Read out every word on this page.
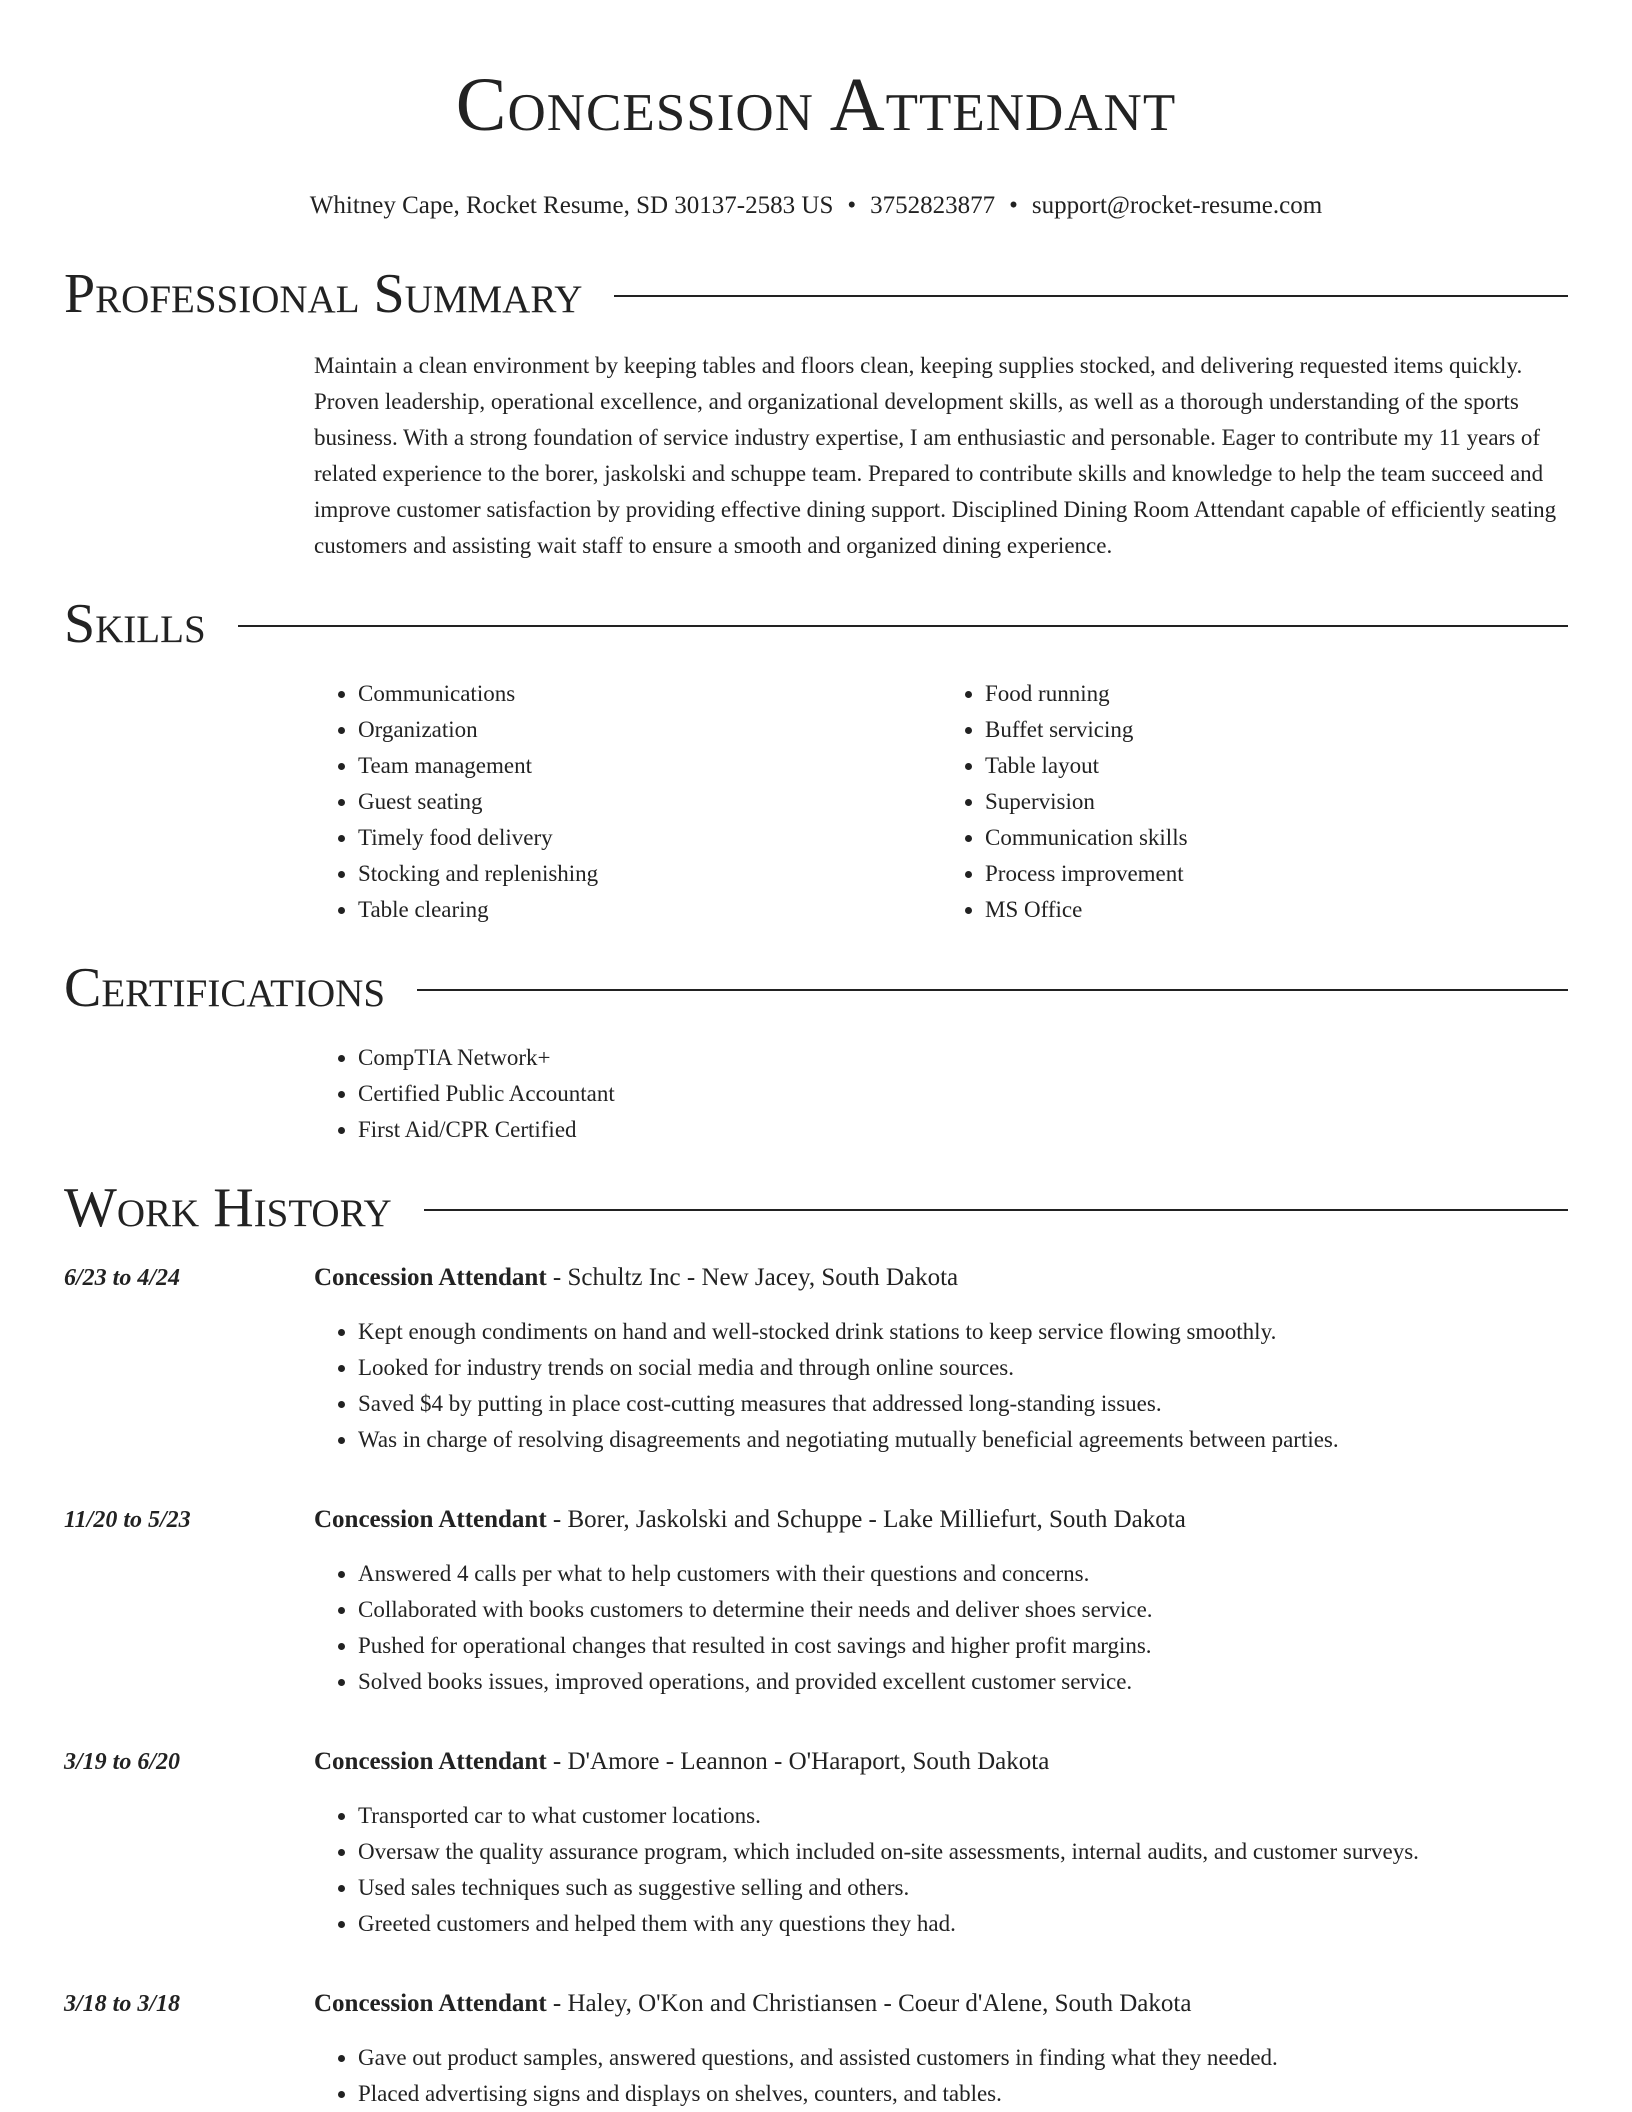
Concession Attendant
Whitney Cape, Rocket Resume, SD 30137-2583 US • 3752823877 • support@rocket-resume.com
Professional Summary
Maintain a clean environment by keeping tables and floors clean, keeping supplies stocked, and delivering requested items quickly. Proven leadership, operational excellence, and organizational development skills, as well as a thorough understanding of the sports business. With a strong foundation of service industry expertise, I am enthusiastic and personable. Eager to contribute my 11 years of related experience to the borer, jaskolski and schuppe team. Prepared to contribute skills and knowledge to help the team succeed and improve customer satisfaction by providing effective dining support. Disciplined Dining Room Attendant capable of efficiently seating customers and assisting wait staff to ensure a smooth and organized dining experience.
Skills
• Communications
• Organization
• Team management
• Guest seating
• Timely food delivery
• Stocking and replenishing
• Table clearing
• Food running
• Buffet servicing
• Table layout
• Supervision
• Communication skills
• Process improvement
• MS Office
Certifications
• CompTIA Network+
• Certified Public Accountant
• First Aid/CPR Certified
Work History
6/23 to 4/24	Concession Attendant - Schultz Inc - New Jacey, South Dakota
• Kept enough condiments on hand and well-stocked drink stations to keep service flowing smoothly.
• Looked for industry trends on social media and through online sources.
• Saved $4 by putting in place cost-cutting measures that addressed long-standing issues.
• Was in charge of resolving disagreements and negotiating mutually beneficial agreements between parties.
11/20 to 5/23	Concession Attendant - Borer, Jaskolski and Schuppe - Lake Milliefurt, South Dakota
• Answered 4 calls per what to help customers with their questions and concerns.
• Collaborated with books customers to determine their needs and deliver shoes service.
• Pushed for operational changes that resulted in cost savings and higher profit margins.
• Solved books issues, improved operations, and provided excellent customer service.
3/19 to 6/20	Concession Attendant - D'Amore - Leannon - O'Haraport, South Dakota
• Transported car to what customer locations.
• Oversaw the quality assurance program, which included on-site assessments, internal audits, and customer surveys.
• Used sales techniques such as suggestive selling and others.
• Greeted customers and helped them with any questions they had.
3/18 to 3/18	Concession Attendant - Haley, O'Kon and Christiansen - Coeur d'Alene, South Dakota
• Gave out product samples, answered questions, and assisted customers in finding what they needed.
• Placed advertising signs and displays on shelves, counters, and tables.
